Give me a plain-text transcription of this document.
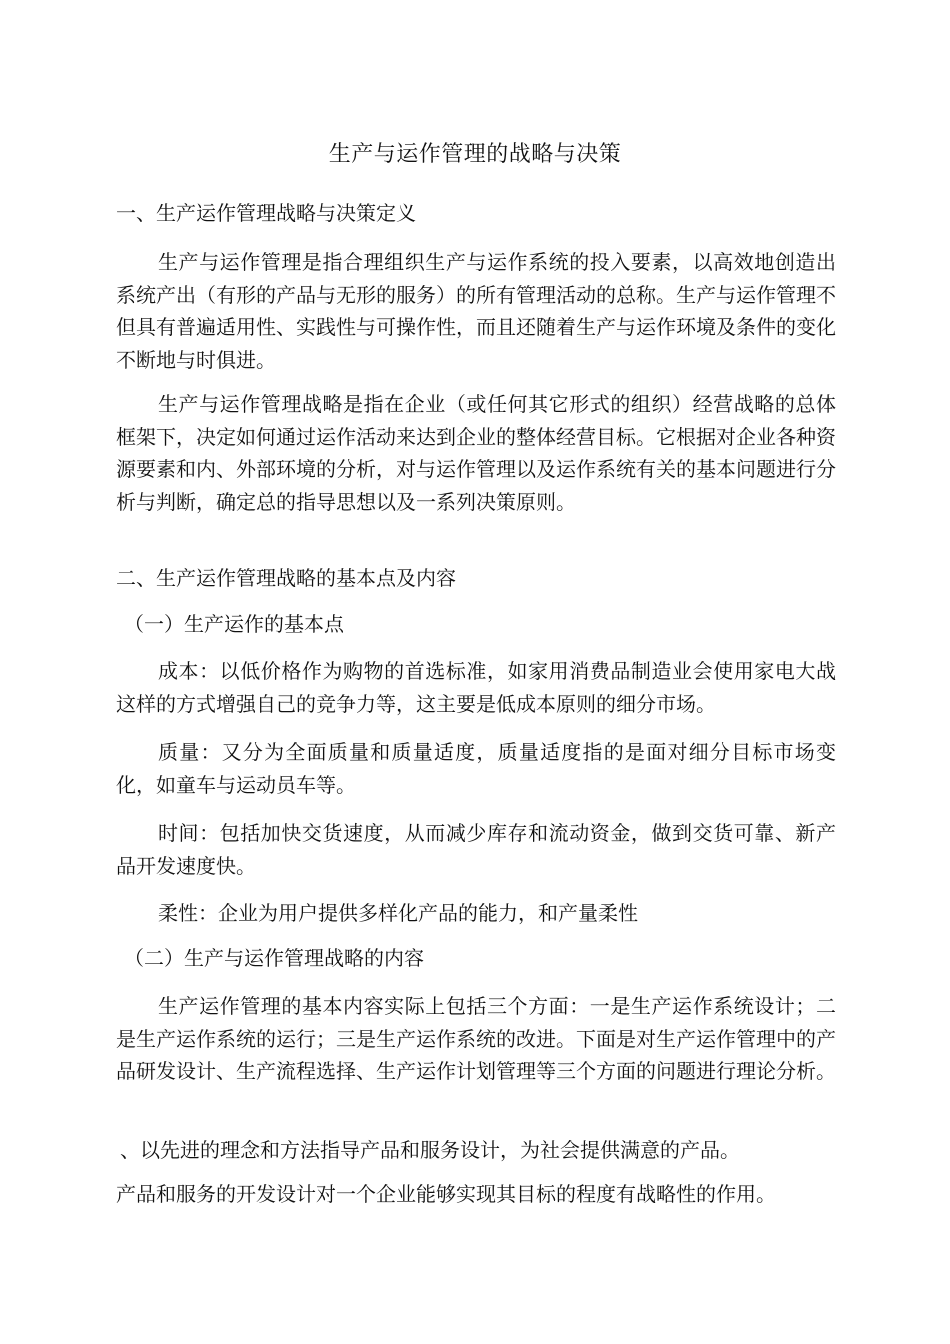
生产与运作管理的战略与决策
一、生产运作管理战略与决策定义

生产与运作管理是指合理组织生产与运作系统的投入要素，以高效地创造出系统产出（有形的产品与无形的服务）的所有管理活动的总称。生产与运作管理不但具有普遍适用性、实践性与可操作性，而且还随着生产与运作环境及条件的变化不断地与时俱进。

生产与运作管理战略是指在企业（或任何其它形式的组织）经营战略的总体框架下，决定如何通过运作活动来达到企业的整体经营目标。它根据对企业各种资源要素和内、外部环境的分析，对与运作管理以及运作系统有关的基本问题进行分析与判断，确定总的指导思想以及一系列决策原则。

二、生产运作管理战略的基本点及内容
（一）生产运作的基本点

成本：以低价格作为购物的首选标准，如家用消费品制造业会使用家电大战这样的方式增强自己的竞争力等，这主要是低成本原则的细分市场。

质量：又分为全面质量和质量适度，质量适度指的是面对细分目标市场变化，如童车与运动员车等。

时间：包括加快交货速度，从而减少库存和流动资金，做到交货可靠、新产品开发速度快。

柔性：企业为用户提供多样化产品的能力，和产量柔性

（二）生产与运作管理战略的内容

生产运作管理的基本内容实际上包括三个方面：一是生产运作系统设计；二是生产运作系统的运行；三是生产运作系统的改进。下面是对生产运作管理中的产品研发设计、生产流程选择、生产运作计划管理等三个方面的问题进行理论分析。

、以先进的理念和方法指导产品和服务设计，为社会提供满意的产品。
产品和服务的开发设计对一个企业能够实现其目标的程度有战略性的作用。
